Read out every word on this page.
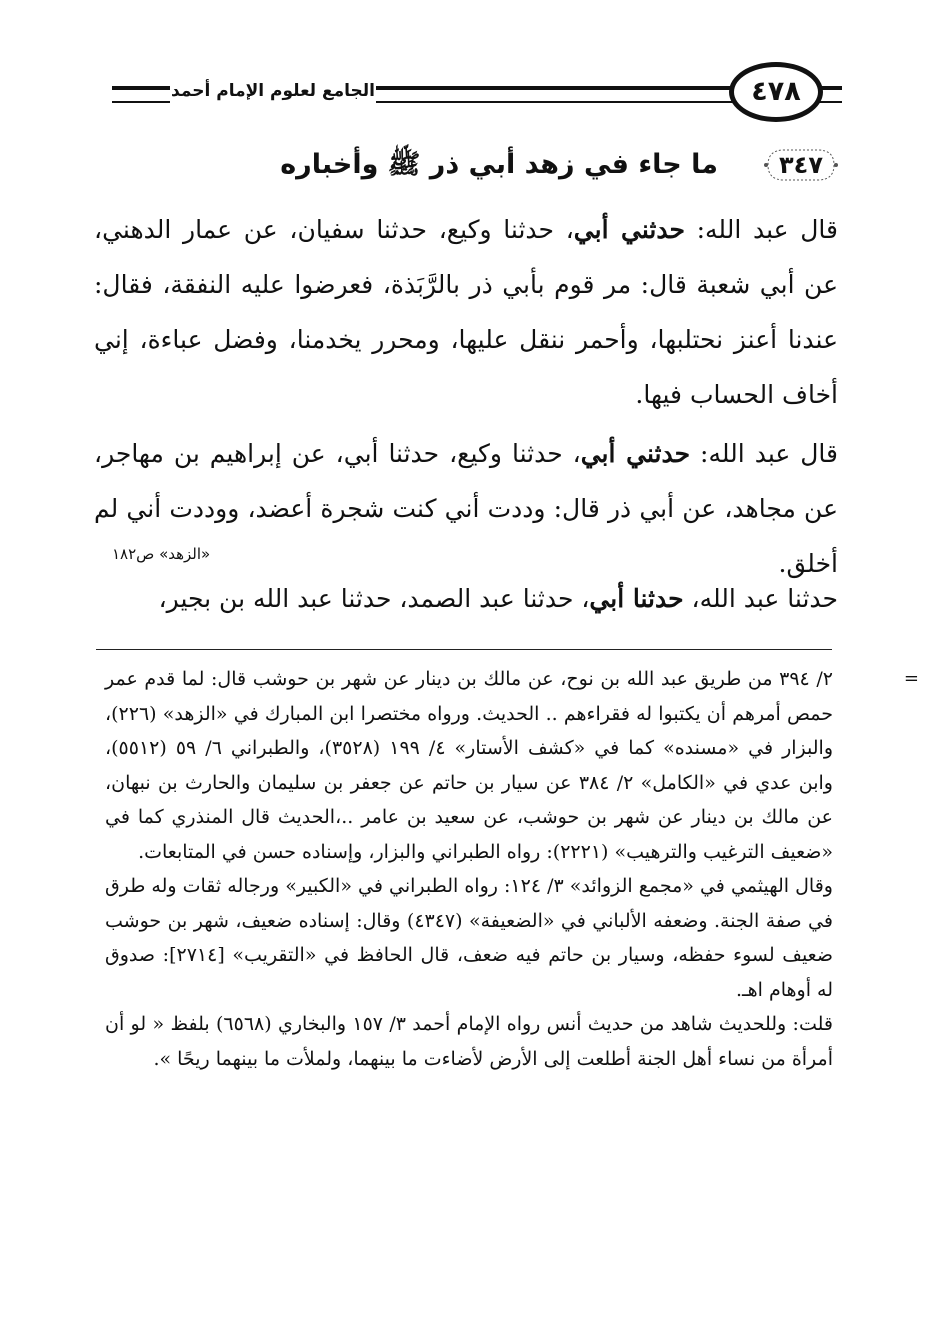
الجامع لعلوم الإمام أحمد	٤٧٨
٣٤٧
ما جاء في زهد أبي ذر ﷺ وأخباره

قال عبد الله: حدثني أبي، حدثنا وكيع، حدثنا سفيان، عن عمار الدهني، عن أبي شعبة قال: مر قوم بأبي ذر بالرَّبَذة، فعرضوا عليه النفقة، فقال: عندنا أعنز نحتلبها، وأحمر ننقل عليها، ومحرر يخدمنا، وفضل عباءة، إني أخاف الحساب فيها.

قال عبد الله: حدثني أبي، حدثنا وكيع، حدثنا أبي، عن إبراهيم بن مهاجر، عن مجاهد، عن أبي ذر قال: وددت أني كنت شجرة أعضد، ووددت أني لم أخلق.

«الزهد» ص١٨٢

حدثنا عبد الله، حدثنا أبي، حدثنا عبد الصمد، حدثنا عبد الله بن بجير،

=

٢/ ٣٩٤ من طريق عبد الله بن نوح، عن مالك بن دينار عن شهر بن حوشب قال: لما قدم عمر حمص أمرهم أن يكتبوا له فقراءهم .. الحديث. ورواه مختصرا ابن المبارك في «الزهد» (٢٢٦)، والبزار في «مسنده» كما في «كشف الأستار» ٤/ ١٩٩ (٣٥٢٨)، والطبراني ٦/ ٥٩ (٥٥١٢)، وابن عدي في «الكامل» ٢/ ٣٨٤ عن سيار بن حاتم عن جعفر بن سليمان والحارث بن نبهان، عن مالك بن دينار عن شهر بن حوشب، عن سعيد بن عامر ..،الحديث قال المنذري كما في «ضعيف الترغيب والترهيب» (٢٢٢١): رواه الطبراني والبزار، وإسناده حسن في المتابعات.

وقال الهيثمي في «مجمع الزوائد» ٣/ ١٢٤: رواه الطبراني في «الكبير» ورجاله ثقات وله طرق في صفة الجنة. وضعفه الألباني في «الضعيفة» (٤٣٤٧) وقال: إسناده ضعيف، شهر بن حوشب ضعيف لسوء حفظه، وسيار بن حاتم فيه ضعف، قال الحافظ في «التقريب» [٢٧١٤]: صدوق له أوهام اهـ.

قلت: وللحديث شاهد من حديث أنس رواه الإمام أحمد ٣/ ١٥٧ والبخاري (٦٥٦٨) بلفظ « لو أن أمرأة من نساء أهل الجنة أطلعت إلى الأرض لأضاءت ما بينهما، ولملأت ما بينهما ريحًا ».
